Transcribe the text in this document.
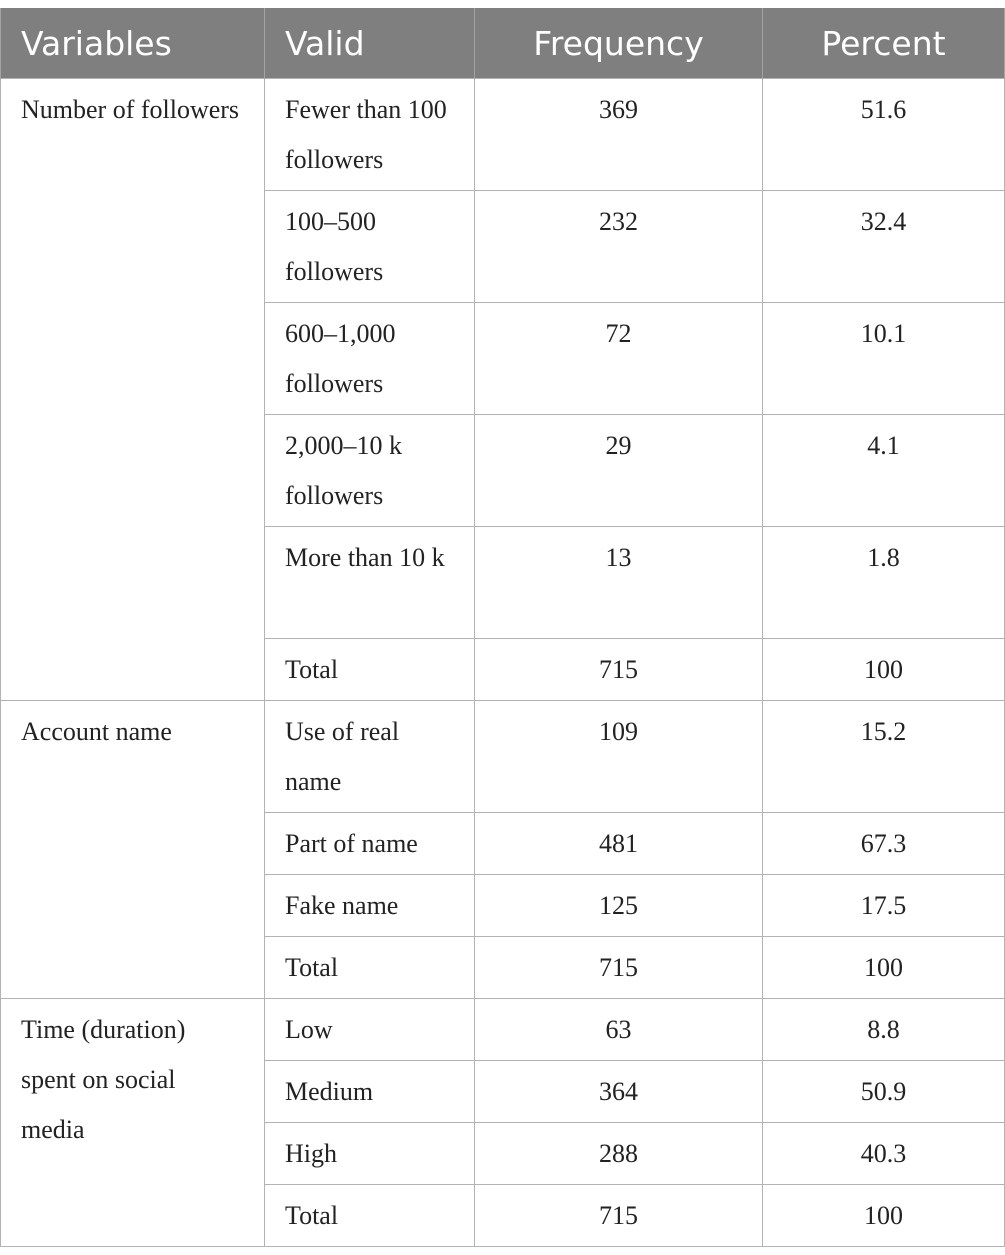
Variables	Valid	Frequency	Percent
Number of followers	Fewer than 100 followers	369	51.6
	100–500 followers	232	32.4
	600–1,000 followers	72	10.1
	2,000–10 k followers	29	4.1
	More than 10 k	13	1.8
	Total	715	100
Account name	Use of real name	109	15.2
	Part of name	481	67.3
	Fake name	125	17.5
	Total	715	100
Time (duration) spent on social media	Low	63	8.8
	Medium	364	50.9
	High	288	40.3
	Total	715	100
